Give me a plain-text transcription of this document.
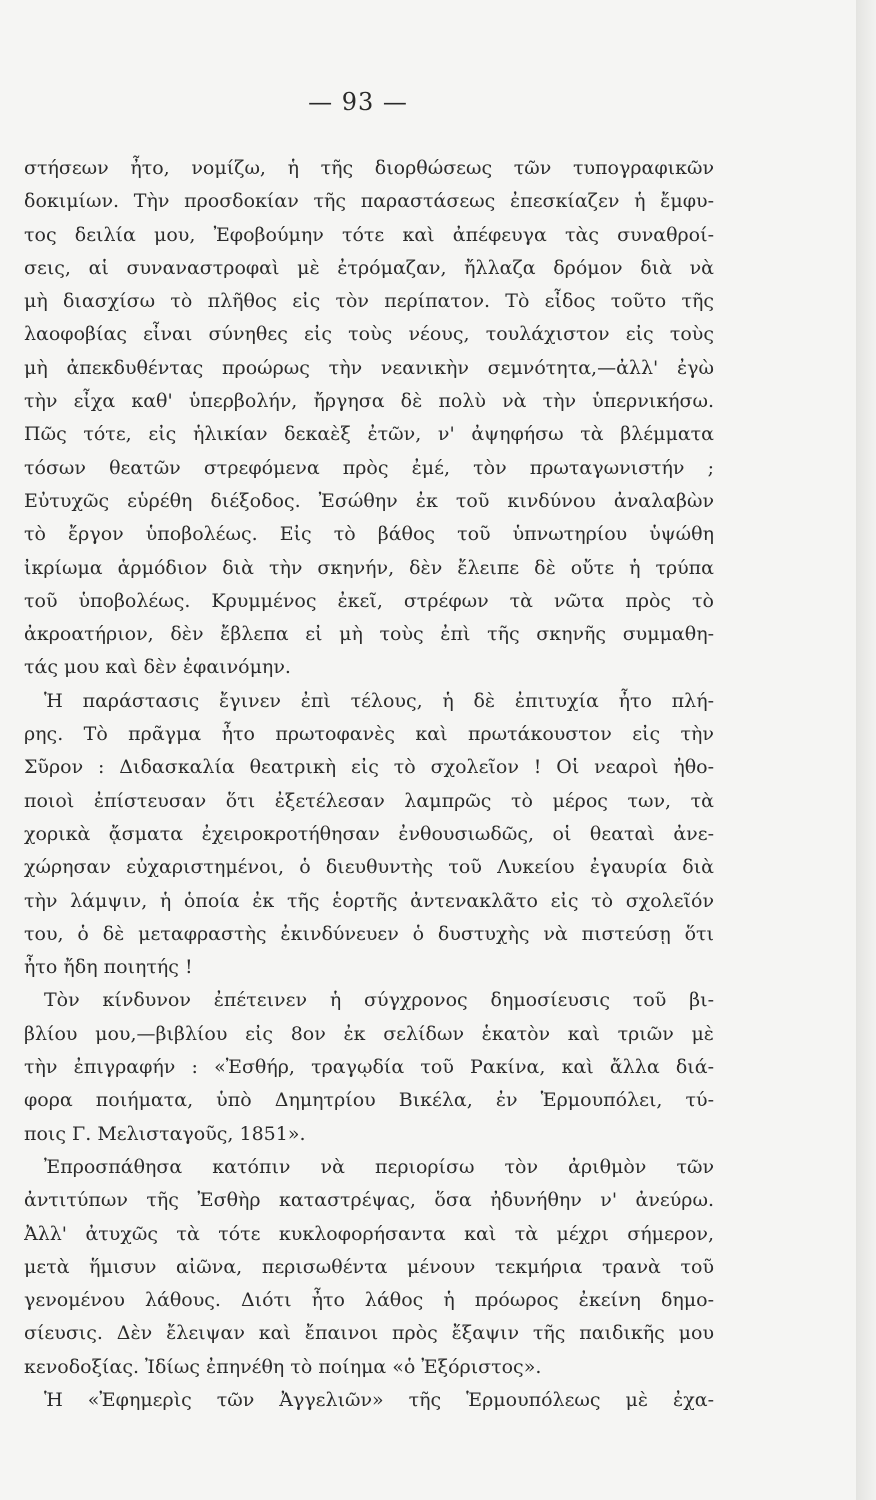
— 93 —
στήσεων ἦτο, νομίζω, ἡ τῆς διορθώσεως τῶν τυπογραφικῶν
δοκιμίων. Τὴν προσδοκίαν τῆς παραστάσεως ἐπεσκίαζεν ἡ ἔμφυ-
τος δειλία μου, Ἐφοβούμην τότε καὶ ἀπέφευγα τὰς συναθροί-
σεις, αἱ συναναστροφαὶ μὲ ἐτρόμαζαν, ἤλλαζα δρόμον διὰ νὰ
μὴ διασχίσω τὸ πλῆθος εἰς τὸν περίπατον. Τὸ εἶδος τοῦτο τῆς
λαοφοβίας εἶναι σύνηθες εἰς τοὺς νέους, τουλάχιστον εἰς τοὺς
μὴ ἀπεκδυθέντας προώρως τὴν νεανικὴν σεμνότητα,—ἀλλ' ἐγὼ
τὴν εἶχα καθ' ὑπερβολήν, ἤργησα δὲ πολὺ νὰ τὴν ὑπερνικήσω.
Πῶς τότε, εἰς ἡλικίαν δεκαὲξ ἐτῶν, ν' ἀψηφήσω τὰ βλέμματα
τόσων θεατῶν στρεφόμενα πρὸς ἐμέ, τὸν πρωταγωνιστήν ;
Εὐτυχῶς εὑρέθη διέξοδος. Ἐσώθην ἐκ τοῦ κινδύνου ἀναλαβὼν
τὸ ἔργον ὑποβολέως. Εἰς τὸ βάθος τοῦ ὑπνωτηρίου ὑψώθη
ἰκρίωμα ἁρμόδιον διὰ τὴν σκηνήν, δὲν ἔλειπε δὲ οὔτε ἡ τρύπα
τοῦ ὑποβολέως. Κρυμμένος ἐκεῖ, στρέφων τὰ νῶτα πρὸς τὸ
ἀκροατήριον, δὲν ἔβλεπα εἰ μὴ τοὺς ἐπὶ τῆς σκηνῆς συμμαθη-
τάς μου καὶ δὲν ἐφαινόμην.
Ἡ παράστασις ἔγινεν ἐπὶ τέλους, ἡ δὲ ἐπιτυχία ἦτο πλή-
ρης. Τὸ πρᾶγμα ἦτο πρωτοφανὲς καὶ πρωτάκουστον εἰς τὴν
Σῦρον : Διδασκαλία θεατρικὴ εἰς τὸ σχολεῖον ! Οἱ νεαροὶ ἠθο-
ποιοὶ ἐπίστευσαν ὅτι ἐξετέλεσαν λαμπρῶς τὸ μέρος των, τὰ
χορικὰ ᾄσματα ἐχειροκροτήθησαν ἐνθουσιωδῶς, οἱ θεαταὶ ἀνε-
χώρησαν εὐχαριστημένοι, ὁ διευθυντὴς τοῦ Λυκείου ἐγαυρία διὰ
τὴν λάμψιν, ἡ ὁποία ἐκ τῆς ἑορτῆς ἀντενακλᾶτο εἰς τὸ σχολεῖόν
του, ὁ δὲ μεταφραστὴς ἐκινδύνευεν ὁ δυστυχὴς νὰ πιστεύσῃ ὅτι
ἦτο ἤδη ποιητής !
Τὸν κίνδυνον ἐπέτεινεν ἡ σύγχρονος δημοσίευσις τοῦ βι-
βλίου μου,—βιβλίου εἰς 8ον ἐκ σελίδων ἑκατὸν καὶ τριῶν μὲ
τὴν ἐπιγραφήν : «Ἐσθήρ, τραγῳδία τοῦ Ρακίνα, καὶ ἄλλα διά-
φορα ποιήματα, ὑπὸ Δημητρίου Βικέλα, ἐν Ἑρμουπόλει, τύ-
ποις Γ. Μελισταγοῦς, 1851».
Ἐπροσπάθησα κατόπιν νὰ περιορίσω τὸν ἀριθμὸν τῶν
ἀντιτύπων τῆς Ἐσθὴρ καταστρέψας, ὅσα ἠδυνήθην ν' ἀνεύρω.
Ἀλλ' ἀτυχῶς τὰ τότε κυκλοφορήσαντα καὶ τὰ μέχρι σήμερον,
μετὰ ἥμισυν αἰῶνα, περισωθέντα μένουν τεκμήρια τρανὰ τοῦ
γενομένου λάθους. Διότι ἦτο λάθος ἡ πρόωρος ἐκείνη δημο-
σίευσις. Δὲν ἔλειψαν καὶ ἔπαινοι πρὸς ἔξαψιν τῆς παιδικῆς μου
κενοδοξίας. Ἰδίως ἐπηνέθη τὸ ποίημα «ὁ Ἐξόριστος».
Ἡ «Ἐφημερὶς τῶν Ἀγγελιῶν» τῆς Ἑρμουπόλεως μὲ ἐχα-
